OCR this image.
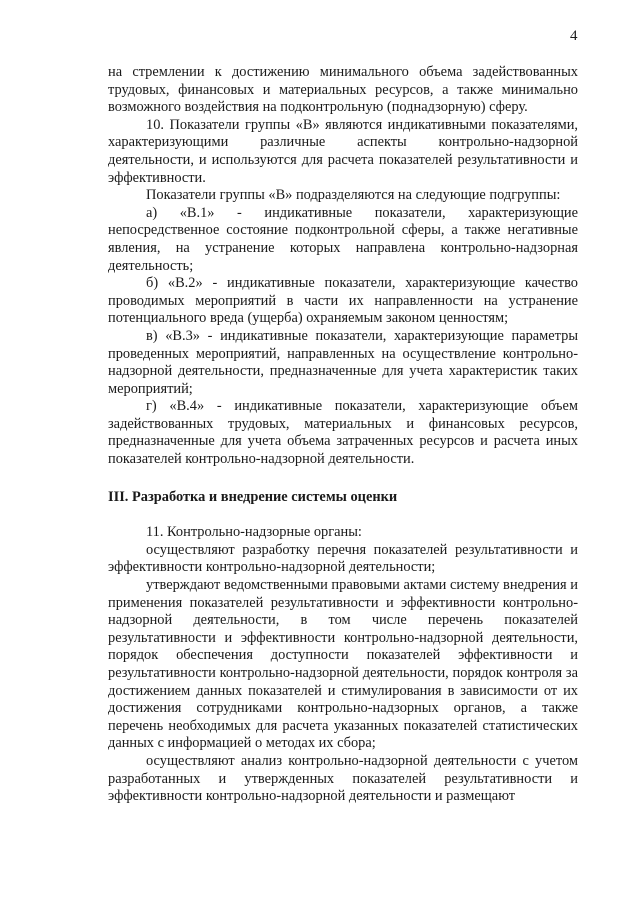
4

на стремлении к достижению минимального объема задействованных трудовых, финансовых и материальных ресурсов, а также минимально возможного воздействия на подконтрольную (поднадзорную) сферу.

10. Показатели группы «В» являются индикативными показателями, характеризующими различные аспекты контрольно-надзорной деятельности, и используются для расчета показателей результативности и эффективности.

Показатели группы «В» подразделяются на следующие подгруппы:

а) «В.1» - индикативные показатели, характеризующие непосредственное состояние подконтрольной сферы, а также негативные явления, на устранение которых направлена контрольно-надзорная деятельность;

б) «В.2» - индикативные показатели, характеризующие качество проводимых мероприятий в части их направленности на устранение потенциального вреда (ущерба) охраняемым законом ценностям;

в) «В.3» - индикативные показатели, характеризующие параметры проведенных мероприятий, направленных на осуществление контрольно-надзорной деятельности, предназначенные для учета характеристик таких мероприятий;

г) «В.4» - индикативные показатели, характеризующие объем задействованных трудовых, материальных и финансовых ресурсов, предназначенные для учета объема затраченных ресурсов и расчета иных показателей контрольно-надзорной деятельности.

III. Разработка и внедрение системы оценки

11. Контрольно-надзорные органы:

осуществляют разработку перечня показателей результативности и эффективности контрольно-надзорной деятельности;

утверждают ведомственными правовыми актами систему внедрения и применения показателей результативности и эффективности контрольно-надзорной деятельности, в том числе перечень показателей результативности и эффективности контрольно-надзорной деятельности, порядок обеспечения доступности показателей эффективности и результативности контрольно-надзорной деятельности, порядок контроля за достижением данных показателей и стимулирования в зависимости от их достижения сотрудниками контрольно-надзорных органов, а также перечень необходимых для расчета указанных показателей статистических данных с информацией о методах их сбора;

осуществляют анализ контрольно-надзорной деятельности с учетом разработанных и утвержденных показателей результативности и эффективности контрольно-надзорной деятельности и размещают
